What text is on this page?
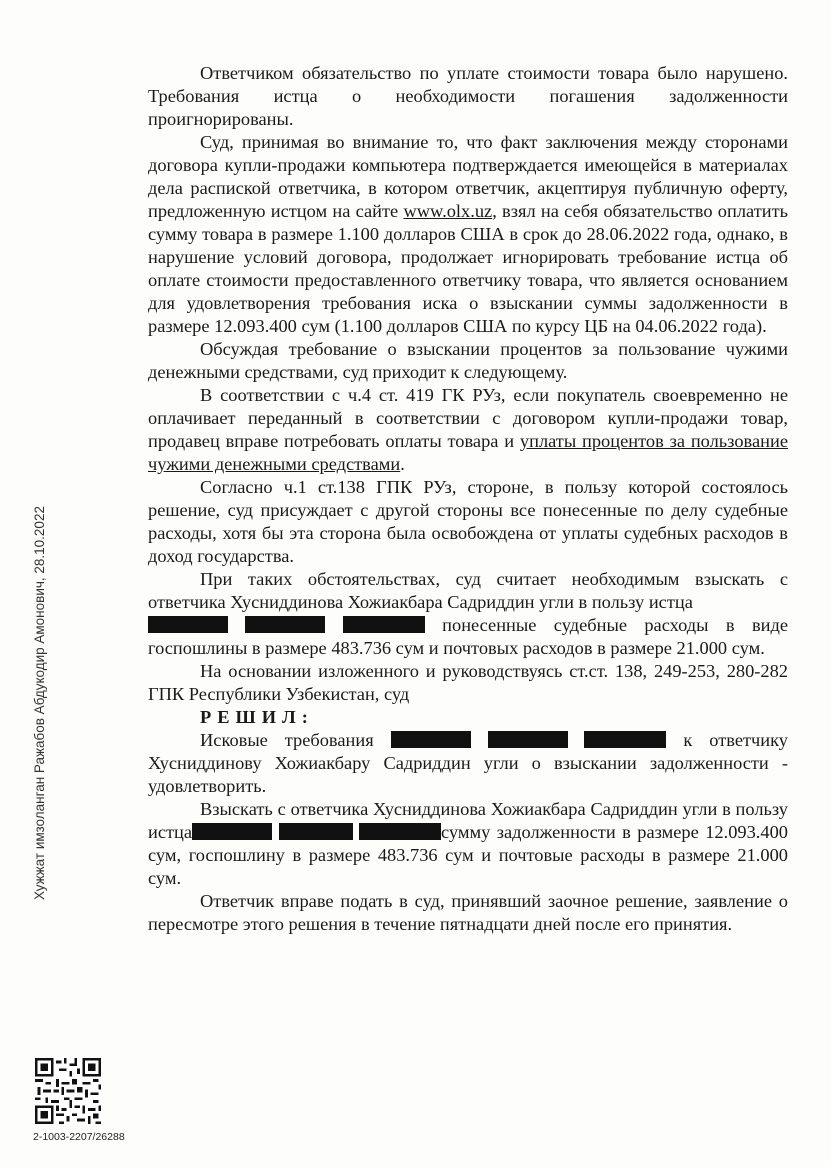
Хужжат имзоланган Ражабов Абдукодир Амонович, 28.10.2022

Ответчиком обязательство по уплате стоимости товара было нарушено. Требования истца о необходимости погашения задолженности проигнорированы.

Суд, принимая во внимание то, что факт заключения между сторонами договора купли-продажи компьютера подтверждается имеющейся в материалах дела распиской ответчика, в котором ответчик, акцептируя публичную оферту, предложенную истцом на сайте www.olx.uz, взял на себя обязательство оплатить сумму товара в размере 1.100 долларов США в срок до 28.06.2022 года, однако, в нарушение условий договора, продолжает игнорировать требование истца об оплате стоимости предоставленного ответчику товара, что является основанием для удовлетворения требования иска о взыскании суммы задолженности в размере 12.093.400 сум (1.100 долларов США по курсу ЦБ на 04.06.2022 года).

Обсуждая требование о взыскании процентов за пользование чужими денежными средствами, суд приходит к следующему.

В соответствии с ч.4 ст. 419 ГК РУз, если покупатель своевременно не оплачивает переданный в соответствии с договором купли-продажи товар, продавец вправе потребовать оплаты товара и уплаты процентов за пользование чужими денежными средствами.

Согласно ч.1 ст.138 ГПК РУз, стороне, в пользу которой состоялось решение, суд присуждает с другой стороны все понесенные по делу судебные расходы, хотя бы эта сторона была освобождена от уплаты судебных расходов в доход государства.

При таких обстоятельствах, суд считает необходимым взыскать с ответчика Хусниддинова Хожиакбара Садриддин угли в пользу истца
понесенные судебные расходы в виде госпошлины в размере 483.736 сум и почтовых расходов в размере 21.000 сум.

На основании изложенного и руководствуясь ст.ст. 138, 249-253, 280-282 ГПК Республики Узбекистан, суд

РЕШИЛ:

Исковые требования	к ответчику Хусниддинову Хожиакбару Садриддин угли о взыскании задолженности - удовлетворить.

Взыскать с ответчика Хусниддинова Хожиакбара Садриддин угли в пользу истца	сумму задолженности в размере 12.093.400 сум, госпошлину в размере 483.736 сум и почтовые расходы в размере 21.000 сум.

Ответчик вправе подать в суд, принявший заочное решение, заявление о пересмотре этого решения в течение пятнадцати дней после его принятия.

2-1003-2207/26288
